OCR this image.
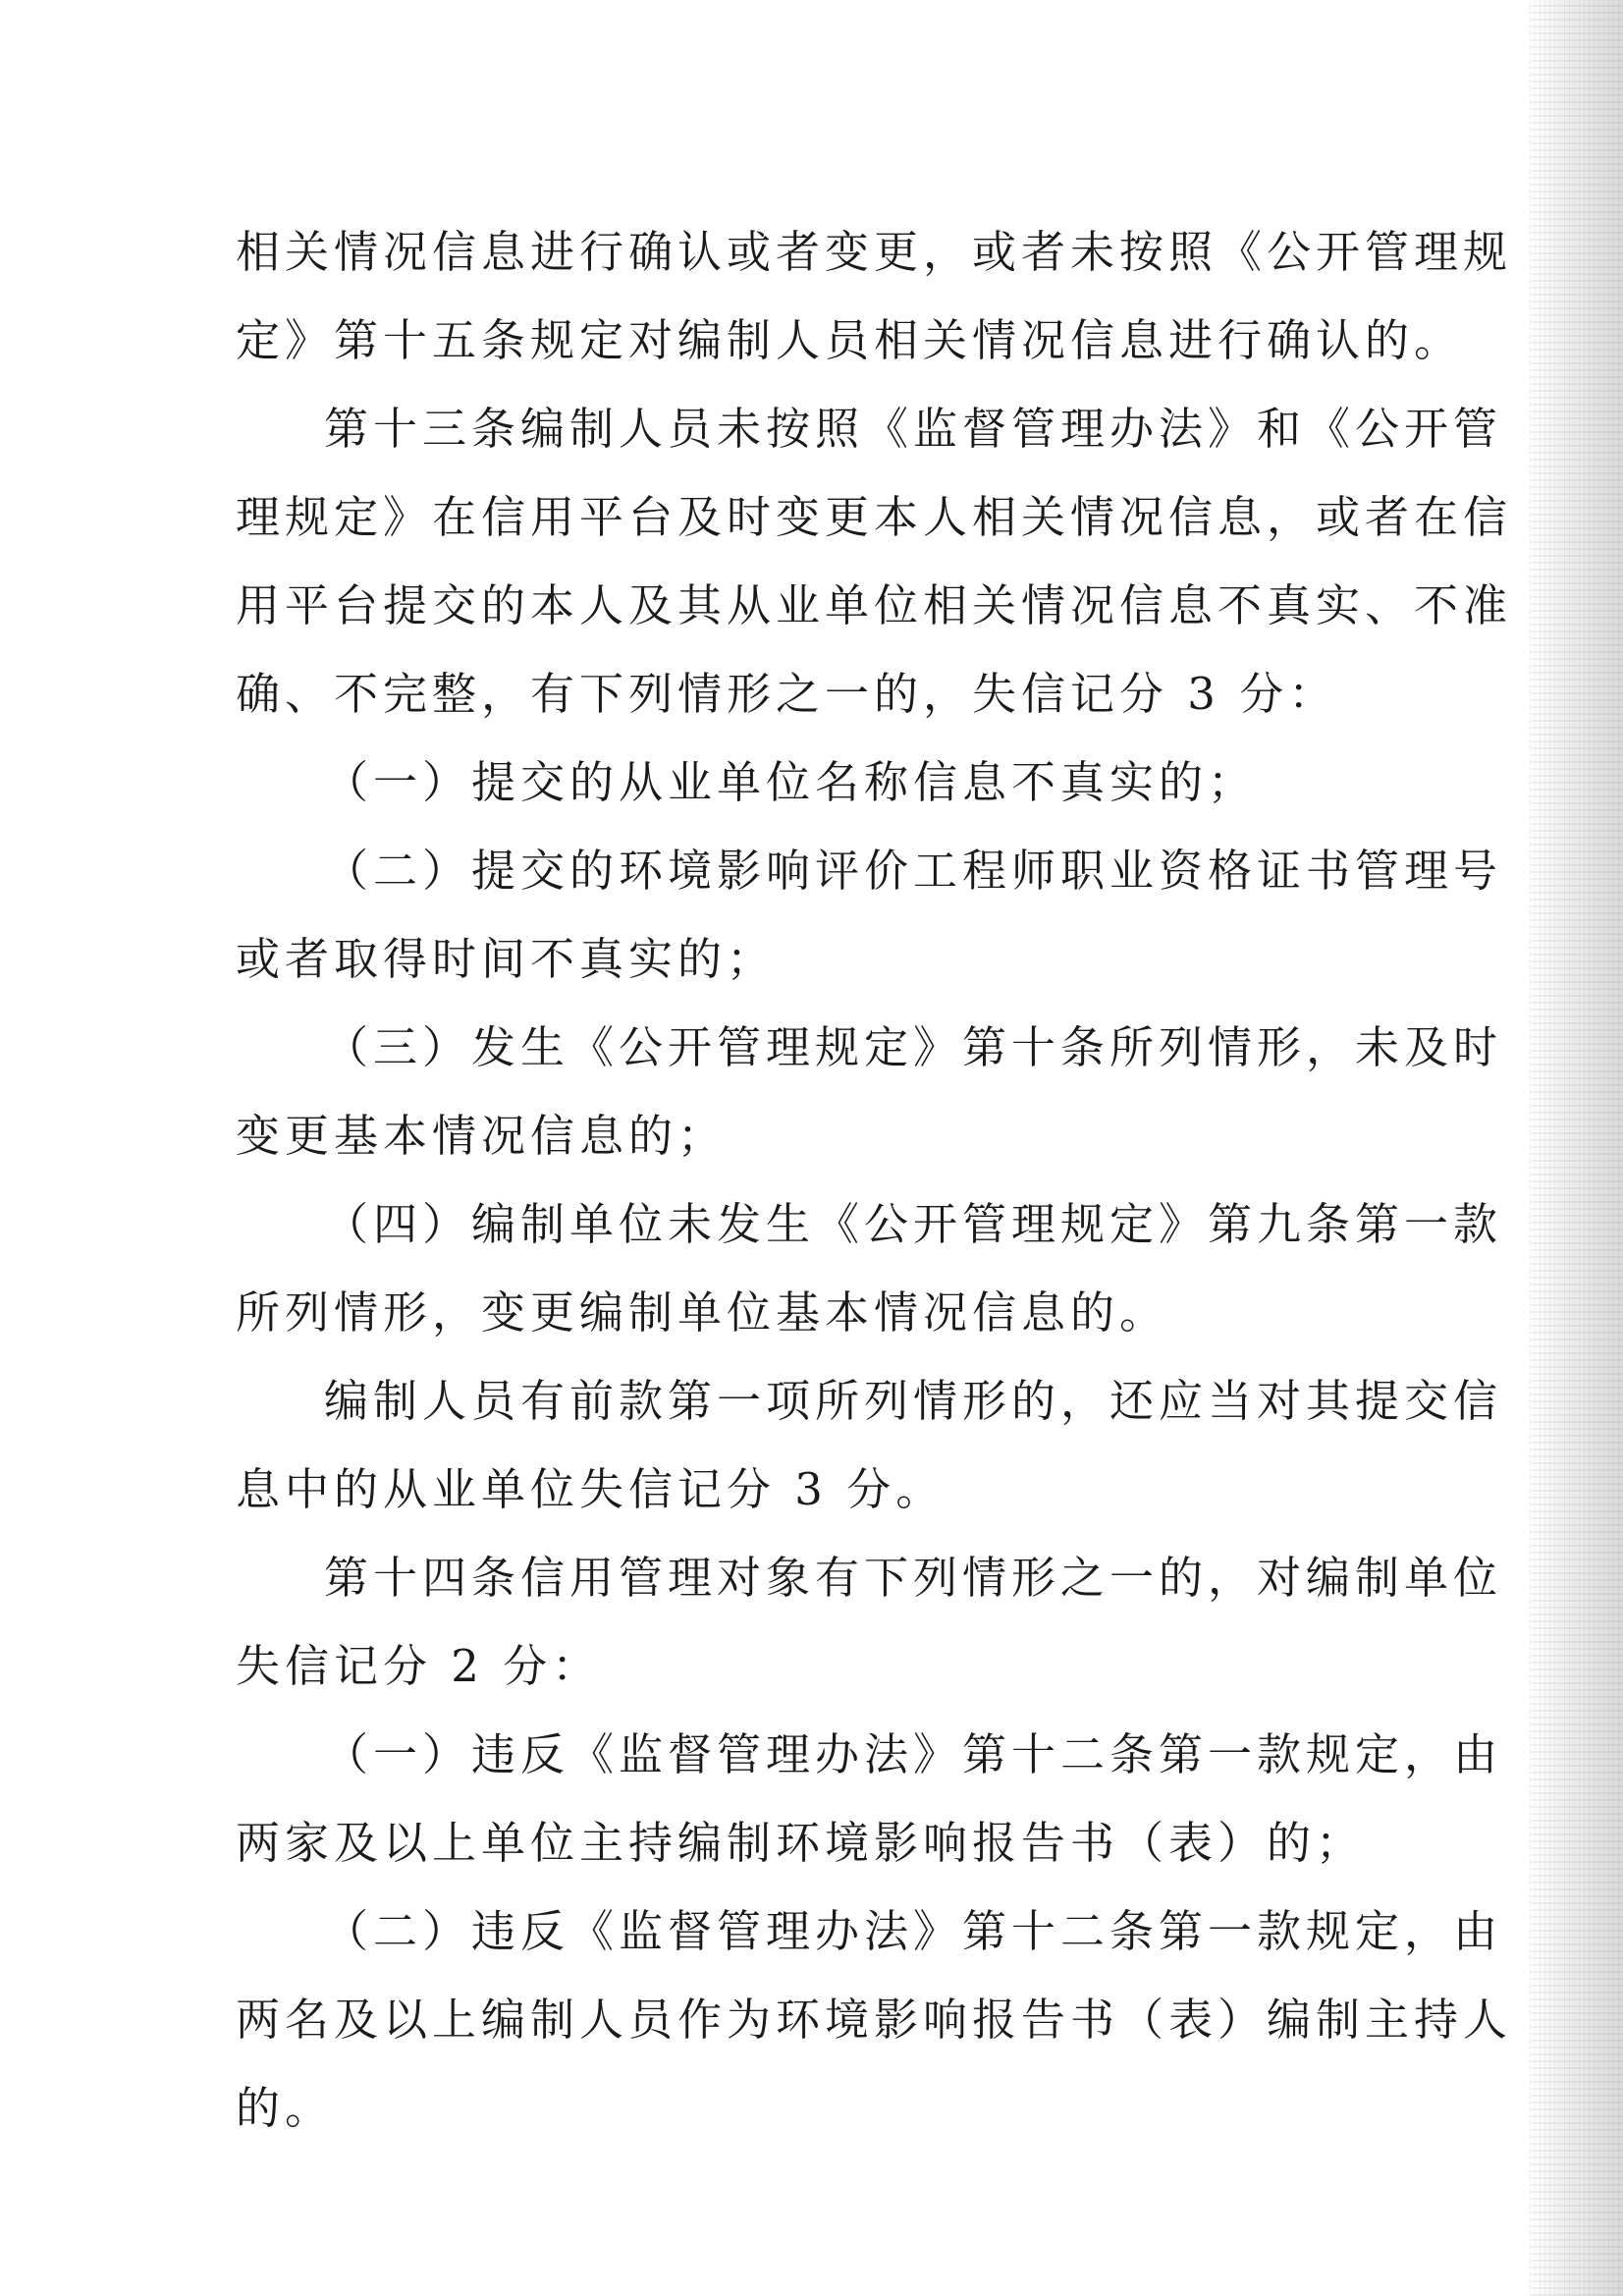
相关情况信息进行确认或者变更，或者未按照《公开管理规
定》第十五条规定对编制人员相关情况信息进行确认的。
第十三条编制人员未按照《监督管理办法》和《公开管
理规定》在信用平台及时变更本人相关情况信息，或者在信
用平台提交的本人及其从业单位相关情况信息不真实、不准
确、不完整，有下列情形之一的，失信记分 3 分：
（一）提交的从业单位名称信息不真实的；
（二）提交的环境影响评价工程师职业资格证书管理号
或者取得时间不真实的；
（三）发生《公开管理规定》第十条所列情形，未及时
变更基本情况信息的；
（四）编制单位未发生《公开管理规定》第九条第一款
所列情形，变更编制单位基本情况信息的。
编制人员有前款第一项所列情形的，还应当对其提交信
息中的从业单位失信记分 3 分。
第十四条信用管理对象有下列情形之一的，对编制单位
失信记分 2 分：
（一）违反《监督管理办法》第十二条第一款规定，由
两家及以上单位主持编制环境影响报告书（表）的；
（二）违反《监督管理办法》第十二条第一款规定，由
两名及以上编制人员作为环境影响报告书（表）编制主持人
的。
